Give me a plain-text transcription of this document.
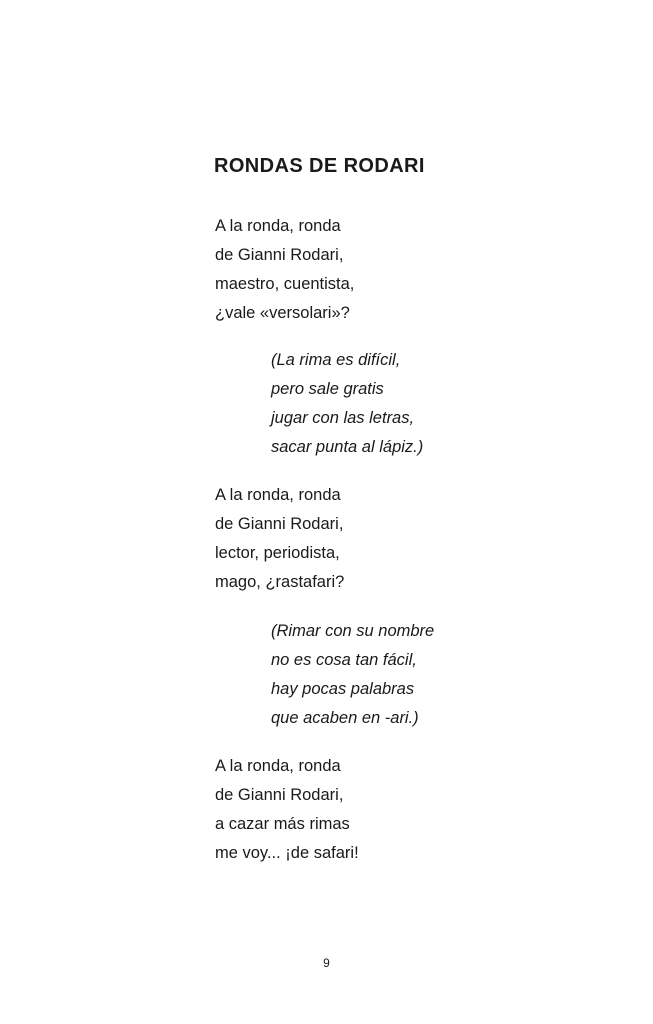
RONDAS DE RODARI
A la ronda, ronda
de Gianni Rodari,
maestro, cuentista,
¿vale «versolari»?
(La rima es difícil,
pero sale gratis
jugar con las letras,
sacar punta al lápiz.)
A la ronda, ronda
de Gianni Rodari,
lector, periodista,
mago, ¿rastafari?
(Rimar con su nombre
no es cosa tan fácil,
hay pocas palabras
que acaben en -ari.)
A la ronda, ronda
de Gianni Rodari,
a cazar más rimas
me voy... ¡de safari!
9
